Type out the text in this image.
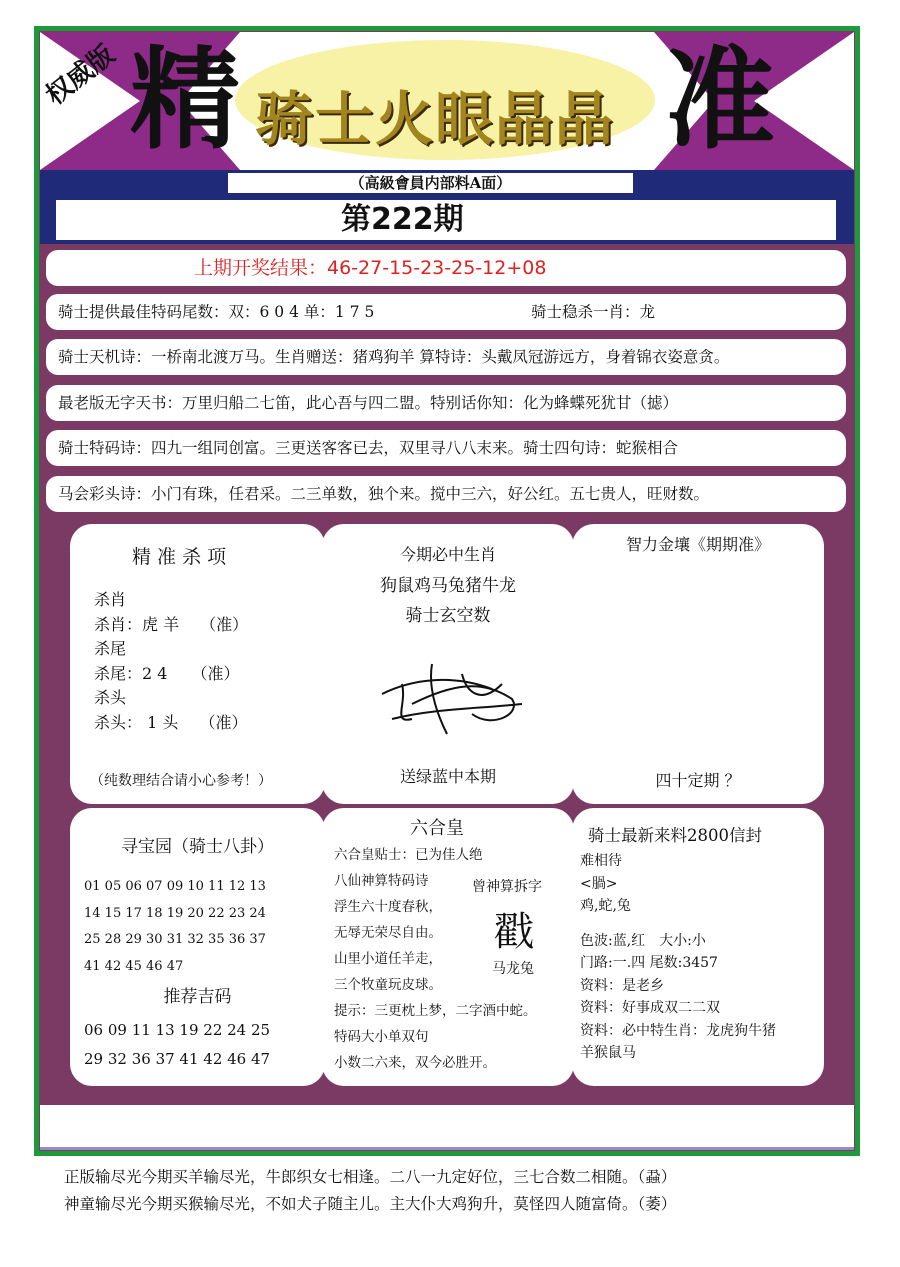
权威版 精	准
骑士火眼晶晶
（高級會員内部料A面）
第222期
上期开奖结果：46-27-15-23-25-12+08
骑士提供最佳特码尾数：双：6 0 4 单：1 7 5	骑士稳杀一肖：龙
骑士天机诗：一桥南北渡万马。生肖赠送：猪鸡狗羊 算特诗：头戴凤冠游远方，身着锦衣姿意贪。
最老版无字天书：万里归船二七笛，此心吾与四二盟。特别话你知：化为蜂蝶死犹甘（摅）
骑士特码诗：四九一组同创富。三更送客客已去，双里寻八八末来。骑士四句诗：蛇猴相合
马会彩头诗：小门有珠，任君采。二三单数，独个来。搅中三六，好公红。五七贵人，旺财数。
精 准 杀 项
杀肖
杀肖：虎 羊　 （准）
杀尾
杀尾：2 4　　（准）
杀头
杀头： 1 头　 （准）
（纯数理结合请小心参考！）
今期必中生肖
狗鼠鸡马兔猪牛龙
骑士玄空数
送绿蓝中本期
智力金壤《期期准》
四十定期 ？
寻宝园（骑士八卦）
01 05 06 07 09 10 11 12 13
14 15 17 18 19 20 22 23 24
25 28 29 30 31 32 35 36 37
41 42 45 46 47
推荐吉码
06 09 11 13 19 22 24 25
29 32 36 37 41 42 46 47
六合皇
六合皇贴士：已为佳人绝
八仙神算特码诗
浮生六十度春秋，
无辱无荣尽自由。
山里小道任羊走，
三个牧童玩皮球。
提示：三更枕上梦，二字酒中蛇。
特码大小单双句
小数二六来，双今必胜开。
曾神算拆字
戳
马龙兔
骑士最新来料2800信封
难相待
<腡>
鸡,蛇,兔
色波:蓝,红　大小:小
门路:一.四 尾数:3457
资料：是老乡
资料：好事成双二二双
资料：必中特生肖：龙虎狗牛猪
羊猴鼠马
正版输尽光今期买羊输尽光，牛郎织女七相逢。二八一九定好位，三七合数二相随。（蝨）
神童输尽光今期买猴输尽光，不如犬子随主儿。主大仆大鸡狗升，莫怪四人随富倚。（萎）
